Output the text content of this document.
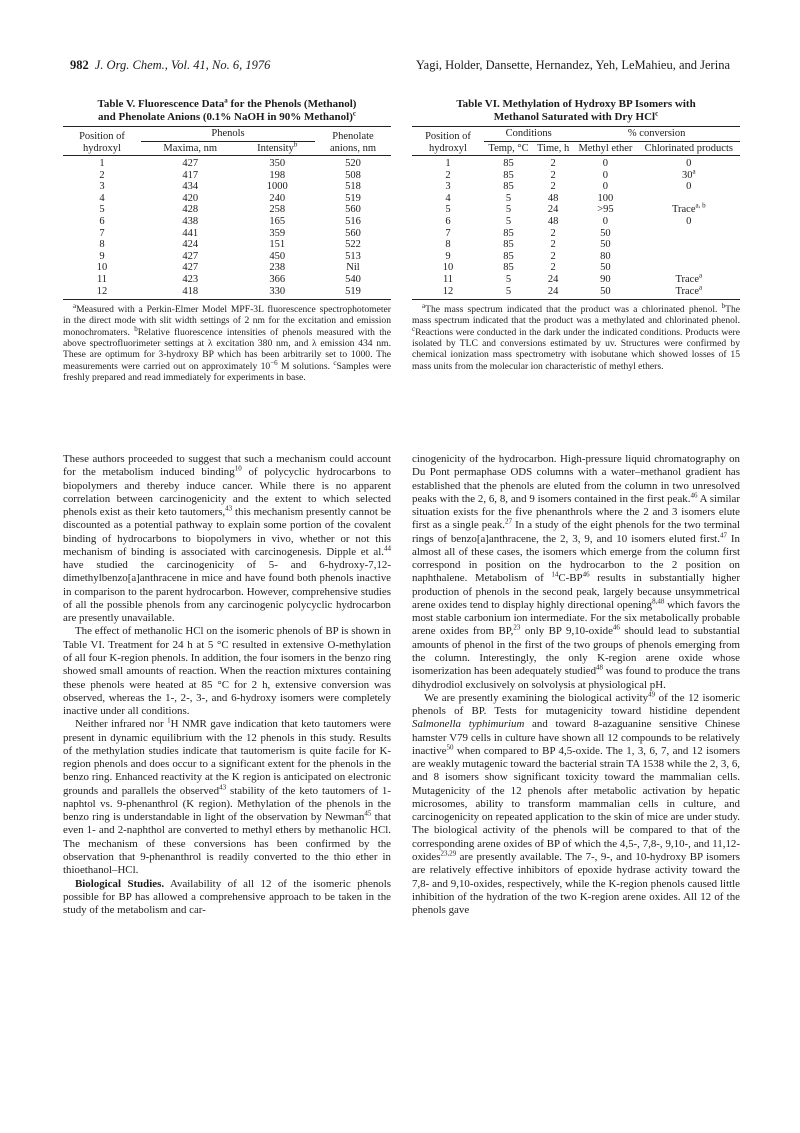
982 J. Org. Chem., Vol. 41, No. 6, 1976	Yagi, Holder, Dansette, Hernandez, Yeh, LeMahieu, and Jerina

Table V. Fluorescence Data$^a$ for the Phenols (Methanol)
and Phenolate Anions (0.1% NaOH in 90% Methanol)$^c$

Position of hydroxyl	Phenols		Phenolate anions, nm
	Maxima, nm	Intensity$^b$
1	427	350	520
2	417	198	508
3	434	1000	518
4	420	240	519
5	428	258	560
6	438	165	516
7	441	359	560
8	424	151	522
9	427	450	513
10	427	238	Nil
11	423	366	540
12	418	330	519

$^a$Measured with a Perkin-Elmer Model MPF-3L fluorescence spectrophotometer in the direct mode with slit width settings of 2 nm for the excitation and emission monochromaters. $^b$Relative fluorescence intensities of phenols measured with the above spectrofluorimeter settings at λ excitation 380 nm, and λ emission 434 nm. These are optimum for 3-hydroxy BP which has been arbitrarily set to 1000. The measurements were carried out on approximately $10^{-6}$ M solutions. $^c$Samples were freshly prepared and read immediately for experiments in base.

These authors proceeded to suggest that such a mechanism could account for the metabolism induced binding$^{10}$ of polycyclic hydrocarbons to biopolymers and thereby induce cancer. While there is no apparent correlation between carcinogenicity and the extent to which selected phenols exist as their keto tautomers,$^{43}$ this mechanism presently cannot be discounted as a potential pathway to explain some portion of the covalent binding of hydrocarbons to biopolymers in vivo, whether or not this mechanism of binding is associated with carcinogenesis. Dipple et al.$^{44}$ have studied the carcinogenicity of 5- and 6-hydroxy-7,12-dimethylbenzo[a]anthracene in mice and have found both phenols inactive in comparison to the parent hydrocarbon. However, comprehensive studies of all the possible phenols from any carcinogenic polycyclic hydrocarbon are presently unavailable.

The effect of methanolic HCl on the isomeric phenols of BP is shown in Table VI. Treatment for 24 h at 5 °C resulted in extensive O-methylation of all four K-region phenols. In addition, the four isomers in the benzo ring showed small amounts of reaction. When the reaction mixtures containing these phenols were heated at 85 °C for 2 h, extensive conversion was observed, whereas the 1-, 2-, 3-, and 6-hydroxy isomers were completely inactive under all conditions.

Neither infrared nor $^1$H NMR gave indication that keto tautomers were present in dynamic equilibrium with the 12 phenols in this study. Results of the methylation studies indicate that tautomerism is quite facile for K-region phenols and does occur to a significant extent for the phenols in the benzo ring. Enhanced reactivity at the K region is anticipated on electronic grounds and parallels the observed$^{43}$ stability of the keto tautomers of 1-naphtol vs. 9-phenanthrol (K region). Methylation of the phenols in the benzo ring is understandable in light of the observation by Newman$^{45}$ that even 1- and 2-naphthol are converted to methyl ethers by methanolic HCl. The mechanism of these conversions has been confirmed by the observation that 9-phenanthrol is readily converted to the thio ether in thioethanol–HCl.

Biological Studies. Availability of all 12 of the isomeric phenols possible for BP has allowed a comprehensive approach to be taken in the study of the metabolism and car-

Table VI. Methylation of Hydroxy BP Isomers with
Methanol Saturated with Dry HCl$^c$

Position of hydroxyl	Conditions		% conversion	
	Temp, °C	Time, h	Methyl ether	Chlorinated products
1	85	2	0	0
2	85	2	0	30$^a$
3	85	2	0	0
4	5	48	100	
5	5	24	>95	Trace$^{a, b}$
6	5	48	0	0
7	85	2	50	
8	85	2	50	
9	85	2	80	
10	85	2	50	
11	5	24	90	Trace$^a$
12	5	24	50	Trace$^a$

$^a$The mass spectrum indicated that the product was a chlorinated phenol. $^b$The mass spectrum indicated that the product was a methylated and chlorinated phenol. $^c$Reactions were conducted in the dark under the indicated conditions. Products were isolated by TLC and conversions estimated by uv. Structures were confirmed by chemical ionization mass spectrometry with isobutane which showed losses of 15 mass units from the molecular ion characteristic of methyl ethers.

cinogenicity of the hydrocarbon. High-pressure liquid chromatography on Du Pont permaphase ODS columns with a water–methanol gradient has established that the phenols are eluted from the column in two unresolved peaks with the 2, 6, 8, and 9 isomers contained in the first peak.$^{46}$ A similar situation exists for the five phenanthrols where the 2 and 3 isomers elute first as a single peak.$^{27}$ In a study of the eight phenols for the two terminal rings of benzo[a]anthracene, the 2, 3, 9, and 10 isomers eluted first.$^{47}$ In almost all of these cases, the isomers which emerge from the column first correspond in position on the hydrocarbon to the 2 position on naphthalene. Metabolism of $^{14}$C-BP$^{46}$ results in substantially higher production of phenols in the second peak, largely because unsymmetrical arene oxides tend to display highly directional opening$^{8,48}$ which favors the most stable carbonium ion intermediate. For the six metabolically probable arene oxides from BP,$^{23}$ only BP 9,10-oxide$^{46}$ should lead to substantial amounts of phenol in the first of the two groups of phenols emerging from the column. Interestingly, the only K-region arene oxide whose isomerization has been adequately studied$^{48}$ was found to produce the trans dihydrodiol exclusively on solvolysis at physiological pH.

We are presently examining the biological activity$^{49}$ of the 12 isomeric phenols of BP. Tests for mutagenicity toward histidine dependent Salmonella typhimurium and toward 8-azaguanine sensitive Chinese hamster V79 cells in culture have shown all 12 compounds to be relatively inactive$^{50}$ when compared to BP 4,5-oxide. The 1, 3, 6, 7, and 12 isomers are weakly mutagenic toward the bacterial strain TA 1538 while the 2, 3, 6, and 8 isomers show significant toxicity toward the mammalian cells. Mutagenicity of the 12 phenols after metabolic activation by hepatic microsomes, ability to transform mammalian cells in culture, and carcinogenicity on repeated application to the skin of mice are under study. The biological activity of the phenols will be compared to that of the corresponding arene oxides of BP of which the 4,5-, 7,8-, 9,10-, and 11,12-oxides$^{23,29}$ are presently available. The 7-, 9-, and 10-hydroxy BP isomers are relatively effective inhibitors of epoxide hydrase activity toward the 7,8- and 9,10-oxides, respectively, while the K-region phenols caused little inhibition of the hydration of the two K-region arene oxides. All 12 of the phenols gave
